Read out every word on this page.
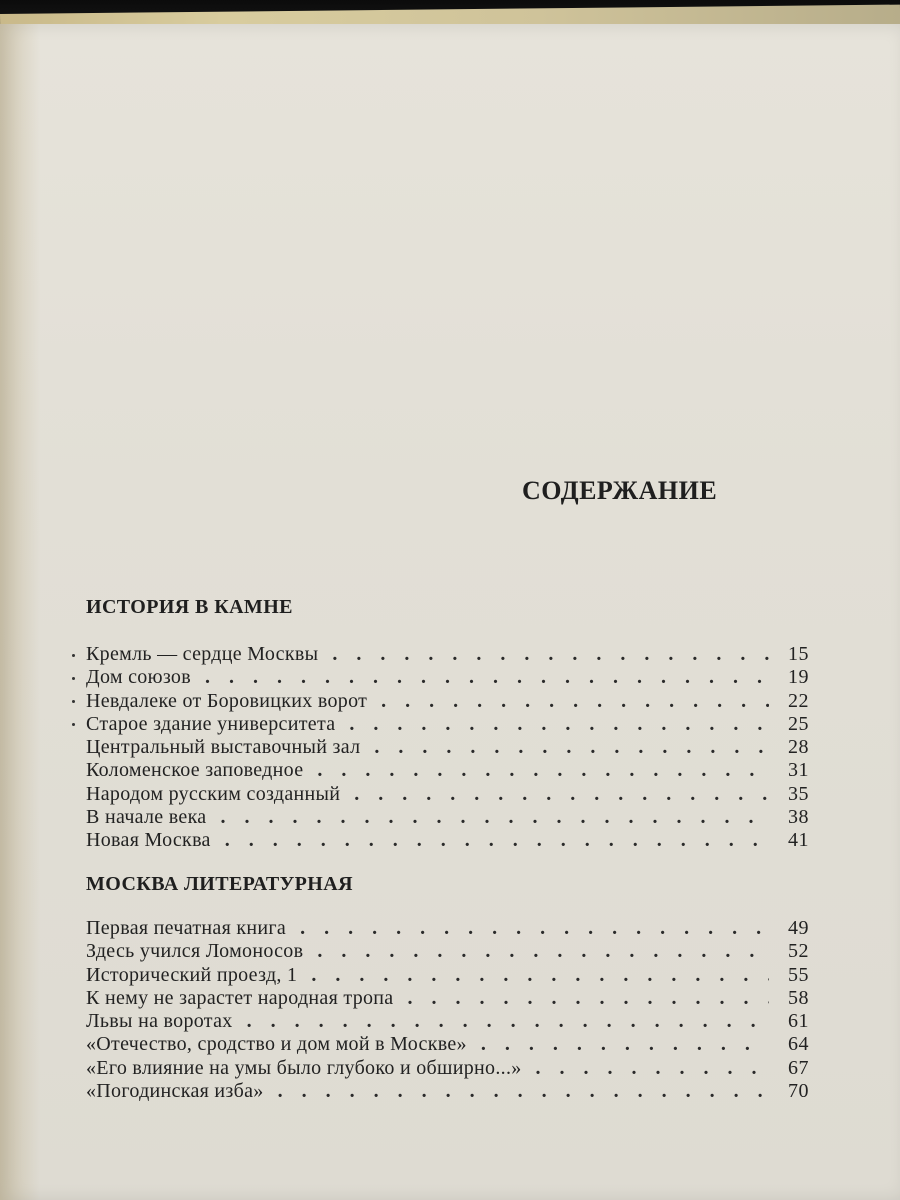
СОДЕРЖАНИЕ
ИСТОРИЯ В КАМНЕ
Кремль — сердце Москвы .....	15
Дом союзов .....	19
Невдалеке от Боровицких ворот .....	22
Старое здание университета .....	25
Центральный выставочный зал .....	28
Коломенское заповедное .....	31
Народом русским созданный .....	35
В начале века .....	38
Новая Москва .....	41
МОСКВА ЛИТЕРАТУРНАЯ
Первая печатная книга .....	49
Здесь учился Ломоносов .....	52
Исторический проезд, 1 .....	55
К нему не зарастет народная тропа .....	58
Львы на воротах .....	61
«Отечество, сродство и дом мой в Москве» .....	64
«Его влияние на умы было глубоко и обширно...» .....	67
«Погодинская изба» .....	70
